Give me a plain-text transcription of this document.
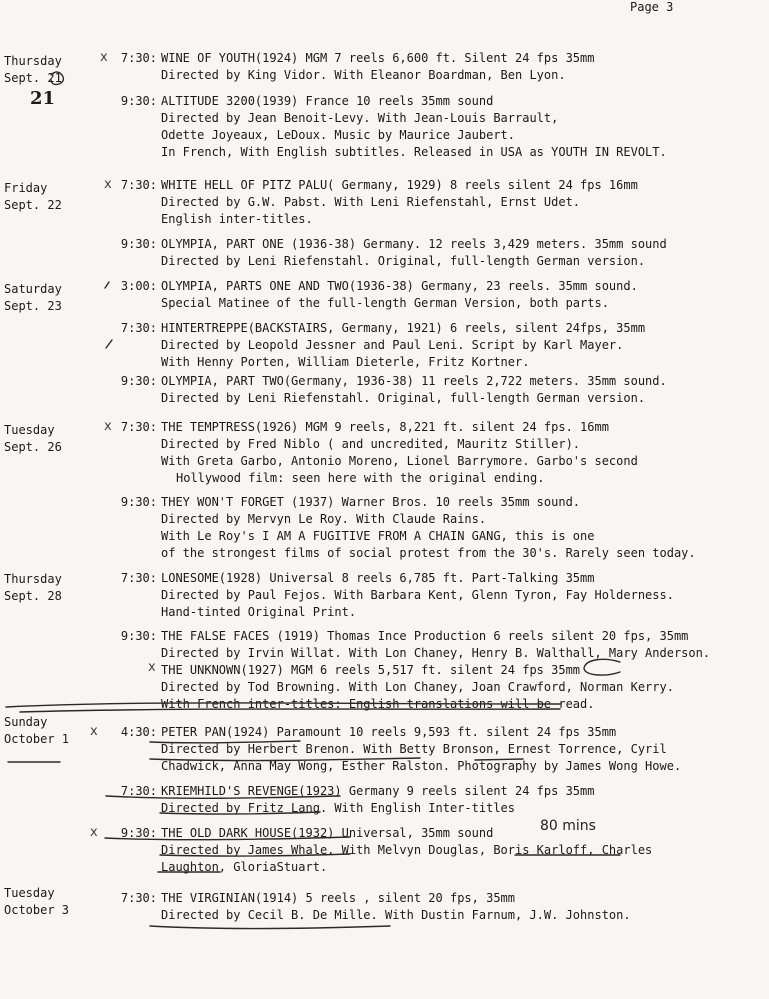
Page 3
Thursday
Sept. 21
21
Friday
Sept. 22
Saturday
Sept. 23
Tuesday
Sept. 26
Thursday
Sept. 28
Sunday
October 1
Tuesday
October 3
7:30: WINE OF YOUTH(1924) MGM 7 reels 6,600 ft. Silent 24 fps 35mm
Directed by King Vidor. With Eleanor Boardman, Ben Lyon.
9:30: ALTITUDE 3200(1939) France 10 reels 35mm sound
Directed by Jean Benoit-Levy. With Jean-Louis Barrault,
Odette Joyeaux, LeDoux. Music by Maurice Jaubert.
In French, With English subtitles. Released in USA as YOUTH IN REVOLT.
7:30: WHITE HELL OF PITZ PALU( Germany, 1929) 8 reels silent 24 fps 16mm
Directed by G.W. Pabst. With Leni Riefenstahl, Ernst Udet.
English inter-titles.
9:30: OLYMPIA, PART ONE (1936-38) Germany. 12 reels 3,429 meters. 35mm sound
Directed by Leni Riefenstahl. Original, full-length German version.
3:00: OLYMPIA, PARTS ONE AND TWO(1936-38) Germany, 23 reels. 35mm sound.
Special Matinee of the full-length German Version, both parts.
7:30: HINTERTREPPE(BACKSTAIRS, Germany, 1921) 6 reels, silent 24fps, 35mm
Directed by Leopold Jessner and Paul Leni. Script by Karl Mayer.
With Henny Porten, William Dieterle, Fritz Kortner.
9:30: OLYMPIA, PART TWO(Germany, 1936-38) 11 reels 2,722 meters. 35mm sound.
Directed by Leni Riefenstahl. Original, full-length German version.
7:30: THE TEMPTRESS(1926) MGM 9 reels, 8,221 ft. silent 24 fps. 16mm
Directed by Fred Niblo ( and uncredited, Mauritz Stiller).
With Greta Garbo, Antonio Moreno, Lionel Barrymore. Garbo's second
Hollywood film: seen here with the original ending.
9:30: THEY WON'T FORGET (1937) Warner Bros. 10 reels 35mm sound.
Directed by Mervyn Le Roy. With Claude Rains.
With Le Roy's I AM A FUGITIVE FROM A CHAIN GANG, this is one
of the strongest films of social protest from the 30's. Rarely seen today.
7:30: LONESOME(1928) Universal 8 reels 6,785 ft. Part-Talking 35mm
Directed by Paul Fejos. With Barbara Kent, Glenn Tyron, Fay Holderness.
Hand-tinted Original Print.
9:30: THE FALSE FACES (1919) Thomas Ince Production 6 reels silent 20 fps, 35mm
Directed by Irvin Willat. With Lon Chaney, Henry B. Walthall, Mary Anderson.
THE UNKNOWN(1927) MGM 6 reels 5,517 ft. silent 24 fps 35mm
Directed by Tod Browning. With Lon Chaney, Joan Crawford, Norman Kerry.
With French inter-titles: English translations will be read.
4:30: PETER PAN(1924) Paramount 10 reels 9,593 ft. silent 24 fps 35mm
Directed by Herbert Brenon. With Betty Bronson, Ernest Torrence, Cyril
Chadwick, Anna May Wong, Esther Ralston. Photography by James Wong Howe.
7:30: KRIEMHILD'S REVENGE(1923) Germany 9 reels silent 24 fps 35mm
Directed by Fritz Lang. With English Inter-titles
9:30: THE OLD DARK HOUSE(1932) Universal, 35mm sound
Directed by James Whale. With Melvyn Douglas, Boris Karloff, Charles
Laughton, GloriaStuart.
80 mins
7:30: THE VIRGINIAN(1914) 5 reels , silent 20 fps, 35mm
Directed by Cecil B. De Mille. With Dustin Farnum, J.W. Johnston.
x
x
x
x
x
x
